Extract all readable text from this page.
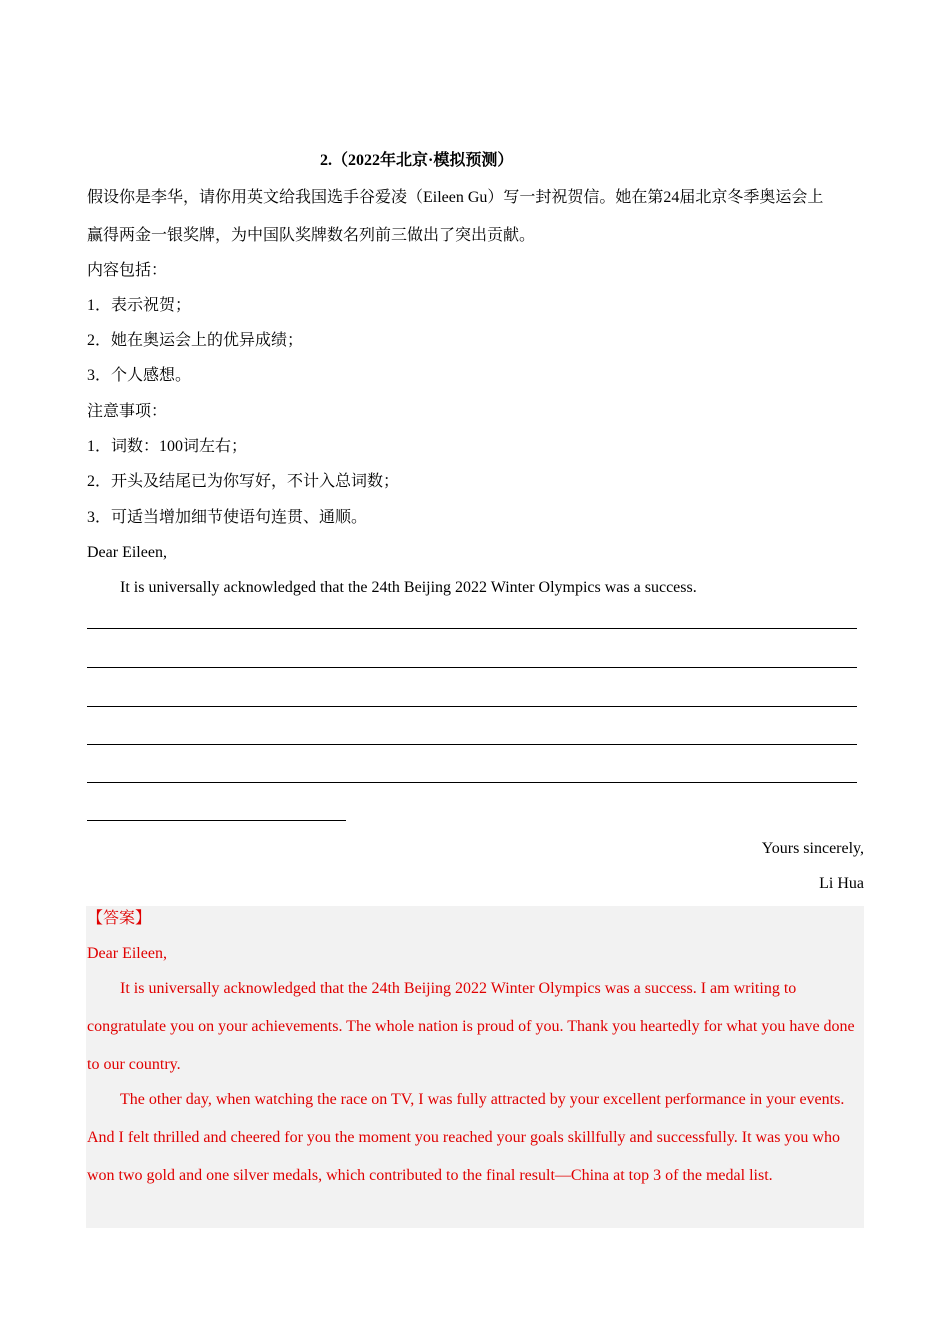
2.（2022年北京·模拟预测）
假设你是李华，请你用英文给我国选手谷爱凌（Eileen Gu）写一封祝贺信。她在第24届北京冬季奥运会上
赢得两金一银奖牌，为中国队奖牌数名列前三做出了突出贡献。
内容包括：
1．表示祝贺；
2．她在奥运会上的优异成绩；
3．个人感想。
注意事项：
1．词数：100词左右；
2．开头及结尾已为你写好，不计入总词数；
3．可适当增加细节使语句连贯、通顺。
Dear Eileen,
It is universally acknowledged that the 24th Beijing 2022 Winter Olympics was a success.
Yours sincerely,
Li Hua
【答案】
Dear Eileen,
It is universally acknowledged that the 24th Beijing 2022 Winter Olympics was a success. I am writing to congratulate you on your achievements. The whole nation is proud of you. Thank you heartedly for what you have done to our country.
The other day, when watching the race on TV, I was fully attracted by your excellent performance in your events. And I felt thrilled and cheered for you the moment you reached your goals skillfully and successfully. It was you who won two gold and one silver medals, which contributed to the final result—China at top 3 of the medal list.
